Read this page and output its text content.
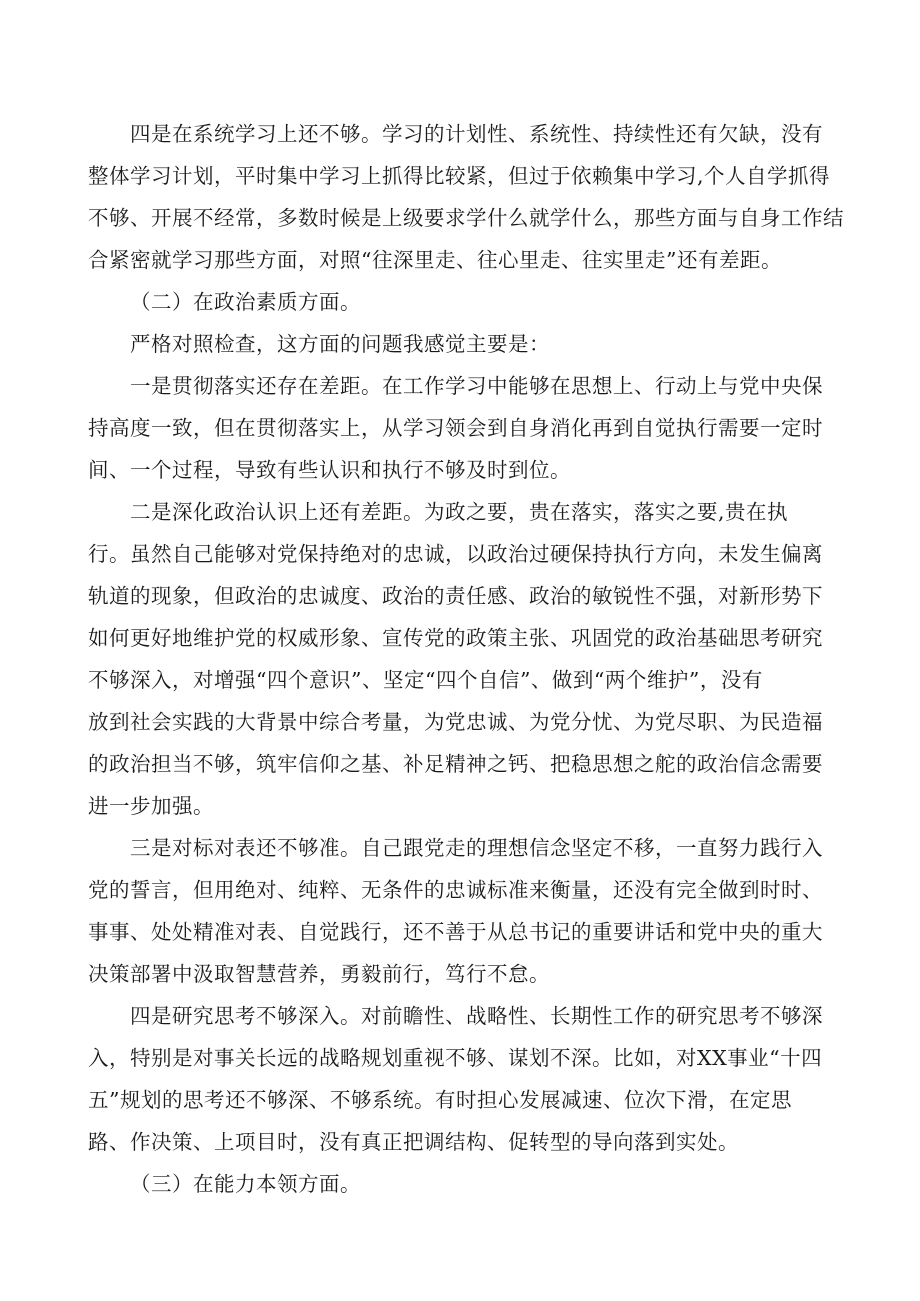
四是在系统学习上还不够。学习的计划性、系统性、持续性还有欠缺，没有
整体学习计划，平时集中学习上抓得比较紧，但过于依赖集中学习,个人自学抓得
不够、开展不经常，多数时候是上级要求学什么就学什么，那些方面与自身工作结
合紧密就学习那些方面，对照“往深里走、往心里走、往实里走”还有差距。
（二）在政治素质方面。
严格对照检查，这方面的问题我感觉主要是：
一是贯彻落实还存在差距。在工作学习中能够在思想上、行动上与党中央保
持高度一致，但在贯彻落实上，从学习领会到自身消化再到自觉执行需要一定时
间、一个过程，导致有些认识和执行不够及时到位。
二是深化政治认识上还有差距。为政之要，贵在落实，落实之要,贵在执
行。虽然自己能够对党保持绝对的忠诚，以政治过硬保持执行方向，未发生偏离
轨道的现象，但政治的忠诚度、政治的责任感、政治的敏锐性不强，对新形势下
如何更好地维护党的权威形象、宣传党的政策主张、巩固党的政治基础思考研究
不够深入，对增强“四个意识”、坚定“四个自信”、做到“两个维护”，没有
放到社会实践的大背景中综合考量，为党忠诚、为党分忧、为党尽职、为民造福
的政治担当不够，筑牢信仰之基、补足精神之钙、把稳思想之舵的政治信念需要
进一步加强。
三是对标对表还不够准。自己跟党走的理想信念坚定不移，一直努力践行入
党的誓言，但用绝对、纯粹、无条件的忠诚标准来衡量，还没有完全做到时时、
事事、处处精准对表、自觉践行，还不善于从总书记的重要讲话和党中央的重大
决策部署中汲取智慧营养，勇毅前行，笃行不怠。
四是研究思考不够深入。对前瞻性、战略性、长期性工作的研究思考不够深
入，特别是对事关长远的战略规划重视不够、谋划不深。比如，对XX事业“十四
五”规划的思考还不够深、不够系统。有时担心发展减速、位次下滑，在定思
路、作决策、上项目时，没有真正把调结构、促转型的导向落到实处。
（三）在能力本领方面。
